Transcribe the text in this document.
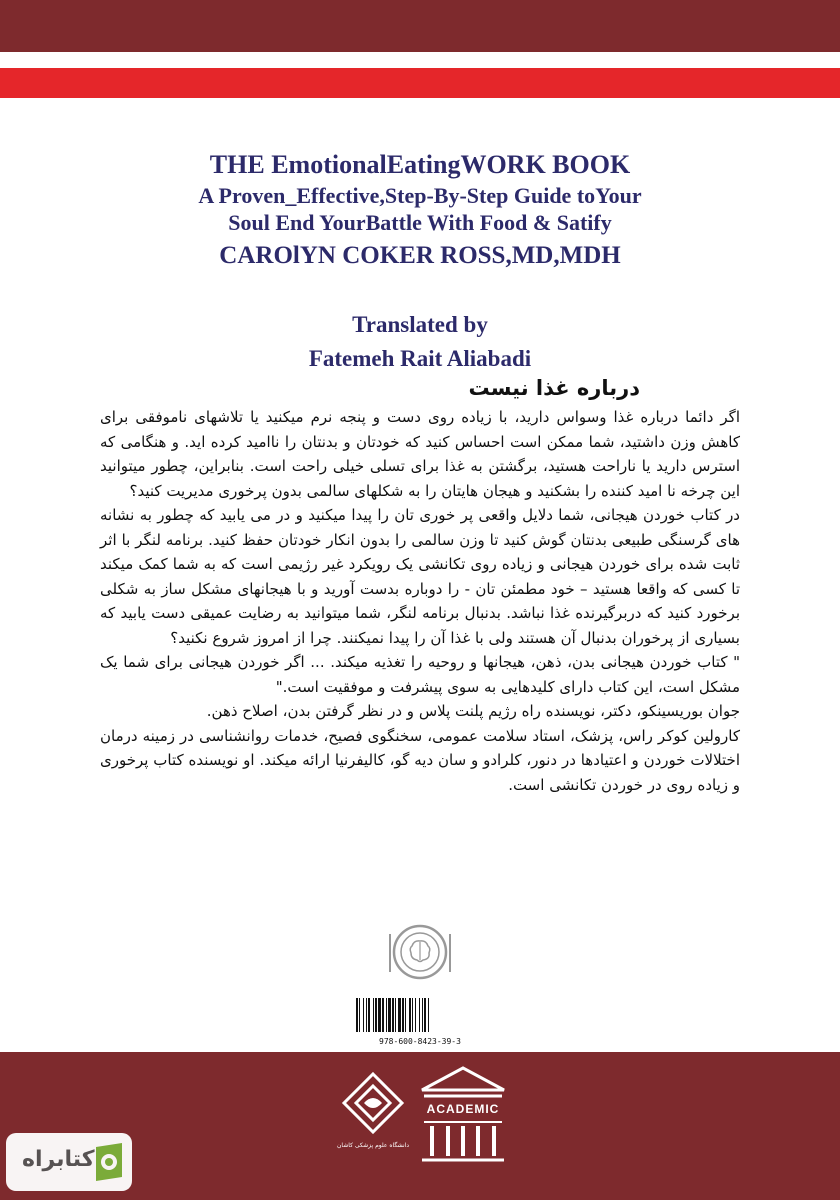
THE EmotionalEatingWORK BOOK
A Proven_Effective,Step-By-Step Guide toYour
Soul End YourBattle With Food & Satify
CAROlYN COKER ROSS,MD,MDH
Translated by
Fatemeh Rait Aliabadi
درباره غذا نیست

اگر دائما درباره غذا وسواس دارید، با زیاده روی دست و پنجه نرم میکنید یا تلاشهای ناموفقی برای کاهش وزن داشتید، شما ممکن است احساس کنید که خودتان و بدنتان را ناامید کرده اید. و هنگامی که استرس دارید یا ناراحت هستید، برگشتن به غذا برای تسلی خیلی راحت است. بنابراین، چطور میتوانید این چرخه نا امید کننده را بشکنید و هیجان هایتان را به شکلهای سالمی بدون پرخوری مدیریت کنید؟

در کتاب خوردن هیجانی، شما دلایل واقعی پر خوری تان را پیدا میکنید و در می یابید که چطور به نشانه های گرسنگی طبیعی بدنتان گوش کنید تا وزن سالمی را بدون انکار خودتان حفظ کنید. برنامه لنگر با اثر ثابت شده برای خوردن هیجانی و زیاده روی تکانشی یک رویکرد غیر رژیمی است که به شما کمک میکند تا کسی که واقعا هستید – خود مطمئن تان - را دوباره بدست آورید و با هیجانهای مشکل ساز به شکلی برخورد کنید که دربرگیرنده غذا نباشد. بدنبال برنامه لنگر، شما میتوانید به رضایت عمیقی دست یابید که بسیاری از پرخوران بدنبال آن هستند ولی با غذا آن را پیدا نمیکنند. چرا از امروز شروع نکنید؟

" کتاب خوردن هیجانی بدن، ذهن، هیجانها و روحیه را تغذیه میکند. ... اگر خوردن هیجانی برای شما یک مشکل است، این کتاب دارای کلیدهایی به سوی پیشرفت و موفقیت است."

جوان بوریسینکو، دکتر، نویسنده راه رژیم پلنت پلاس و در نظر گرفتن بدن، اصلاح ذهن.

کارولین کوکر راس، پزشک، استاد سلامت عمومی، سخنگوی فصیح، خدمات روانشناسی در زمینه درمان اختلالات خوردن و اعتیادها در دنور، کلرادو و سان دیه گو، کالیفرنیا ارائه میکند. او نویسنده کتاب پرخوری و زیاده روی در خوردن تکانشی است.

978-600-8423-39-3
دانشگاه علوم پزشکی کاشان
ACADEMIC
کتابراه
